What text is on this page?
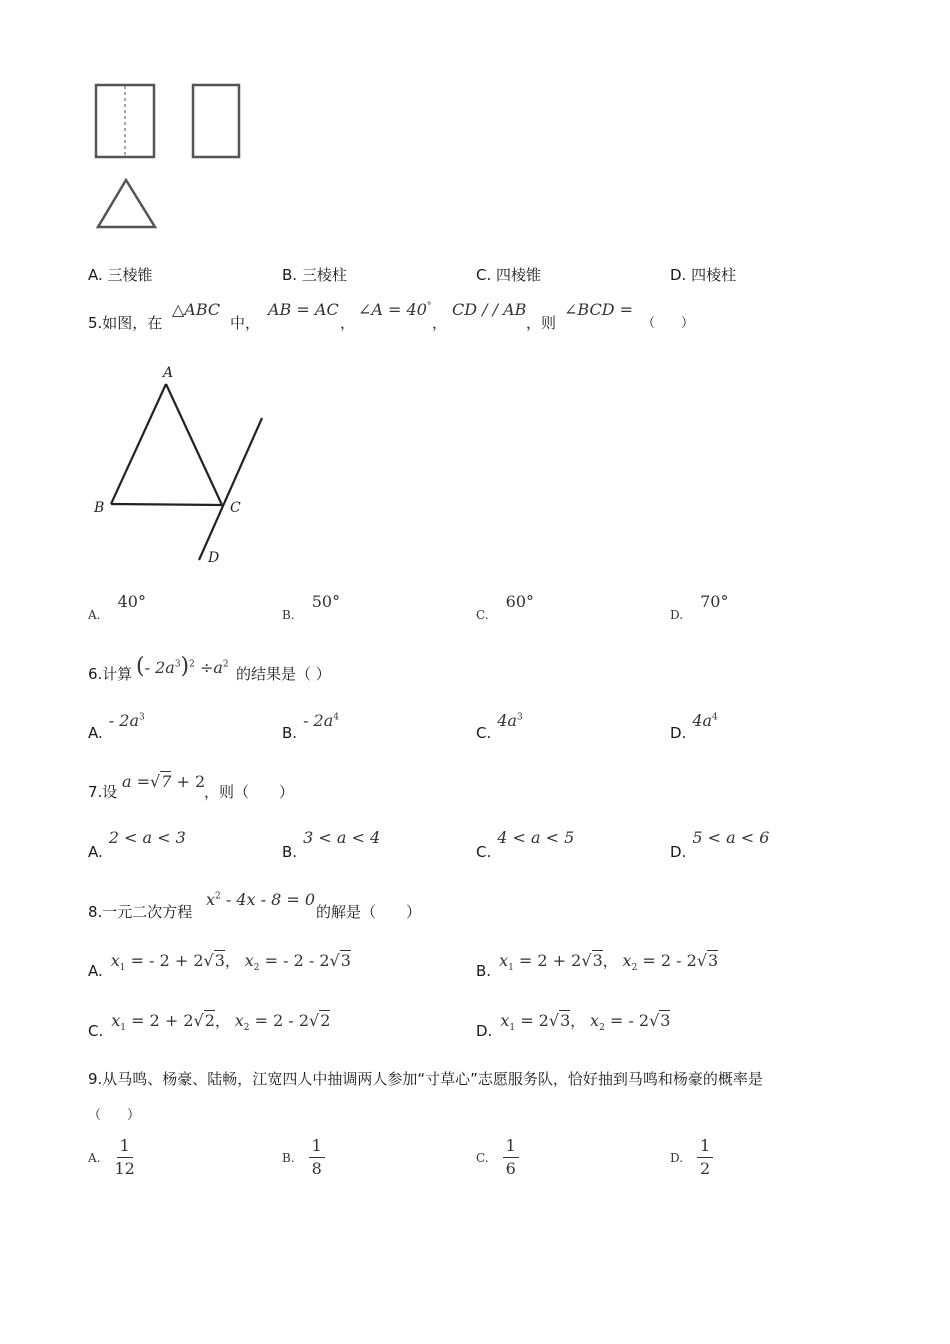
A. 三棱锥	B. 三棱柱	C. 四棱锥	D. 四棱柱
5.如图，在
△ABC
中，
AB = AC
，
∠A = 40°
，
CD / / AB
，则
∠BCD =
（　　）
A
B	C
D
$_{A.}$ 40°
$_{B.}$ 50°
$_{C.}$ 60°
$_{D.}$ 70°
6.计算 (- $2a^3)^2 \div a^2$
的结果是（ ）
A.- $2a^3$
B.- $2a^4$
$C.4a^3$
$D.4a^4$
7.设
a =√7 + 2
，则（　　）
A.2 < a < 3
B.3 < a < 4
C.4 < a < 5
D.5 < a < 6
8.一元二次方程
$x^2 - 4x - 8 = 0$
的解是（　　）
$A.x_1$ = - 2 + 2√3， $x_2$ = - 2 - 2√3
$B.x_1 = 2 + 2√3$， $x_2 = 2 - 2√3$
$C.x_1 = 2 + 2√2$， $x_2 = 2 - 2√2$
$D.x_1 = 2√3$， $x_2$ = - 2√3
9.从马鸣、杨豪、陆畅，江宽四人中抽调两人参加“寸草心”志愿服务队，恰好抽到马鸣和杨豪的概率是
（　　）
A. $\frac{1}{12}$	B. $\frac{1}{8}$	C. $\frac{1}{6}$	D. $\frac{1}{2}$
